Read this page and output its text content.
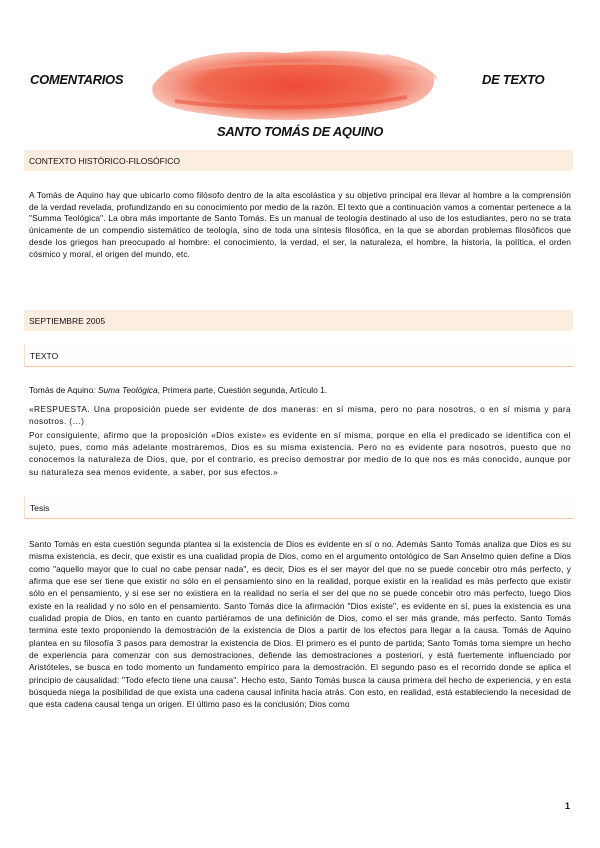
COMENTARIOS	DE TEXTO
SANTO TOMÁS DE AQUINO
CONTEXTO HISTÓRICO-FILOSÓFICO
A Tomás de Aquino hay que ubicarlo como filósofo dentro de la alta escolástica y su objetivo principal era llevar al hombre a la comprensión de la verdad revelada, profundizando en su conocimiento por medio de la razón. El texto que a continuación vamos a comentar pertenece a la "Summa Teológica". La obra más importante de Santo Tomás. Es un manual de teología destinado al uso de los estudiantes, pero no se trata únicamente de un compendio sistemático de teología, sino de toda una síntesis filosófica, en la que se abordan problemas filosóficos que desde los griegos han preocupado al hombre: el conocimiento, la verdad, el ser, la naturaleza, el hombre, la historia, la política, el orden cósmico y moral, el origen del mundo, etc.
SEPTIEMBRE 2005
TEXTO
Tomás de Aquino: Suma Teológica, Primera parte, Cuestión segunda, Artículo 1.
«RESPUESTA. Una proposición puede ser evidente de dos maneras: en sí misma, pero no para nosotros, o en sí misma y para nosotros. (…)
Por consiguiente, afirmo que la proposición «Dios existe» es evidente en sí misma, porque en ella el predicado se identifica con el sujeto, pues, como más adelante mostraremos, Dios es su misma existencia. Pero no es evidente para nosotros, puesto que no conocemos la naturaleza de Dios, que, por el contrario, es preciso demostrar por medio de lo que nos es más conocido, aunque por su naturaleza sea menos evidente, a saber, por sus efectos.»
Tesis
Santo Tomás en esta cuestión segunda plantea si la existencia de Dios es evidente en sí o no. Además Santo Tomás analiza que Dios es su misma existencia, es decir, que existir es una cualidad propia de Dios, como en el argumento ontológico de San Anselmo quien define a Dios como "aquello mayor que lo cual no cabe pensar nada", es decir, Dios es el ser mayor del que no se puede concebir otro más perfecto, y afirma que ese ser tiene que existir no sólo en el pensamiento sino en la realidad, porque existir en la realidad es más perfecto que existir sólo en el pensamiento, y si ese ser no existiera en la realidad no sería el ser del que no se puede concebir otro más perfecto, luego Dios existe en la realidad y no sólo en el pensamiento. Santo Tomás dice la afirmación "Dios existe", es evidente en sí, pues la existencia es una cualidad propia de Dios, en tanto en cuanto partiéramos de una definición de Dios, como el ser más grande, más perfecto. Santo Tomás termina este texto proponiendo la demostración de la existencia de Dios a partir de los efectos para llegar a la causa. Tomás de Aquino plantea en su filosofía 3 pasos para demostrar la existencia de Dios. El primero es el punto de partida; Santo Tomás toma siempre un hecho de experiencia para comenzar con sus demostraciones, defiende las demostraciones a posteriori, y está fuertemente influenciado por Aristóteles, se busca en todo momento un fundamento empírico para la demostración. El segundo paso es el recorrido donde se aplica el principio de causalidad: "Todo efecto tiene una causa". Hecho esto, Santo Tomás busca la causa primera del hecho de experiencia, y en esta búsqueda niega la posibilidad de que exista una cadena causal infinita hacia atrás. Con esto, en realidad, está estableciendo la necesidad de que esta cadena causal tenga un origen. El último paso es la conclusión; Dios como
1
